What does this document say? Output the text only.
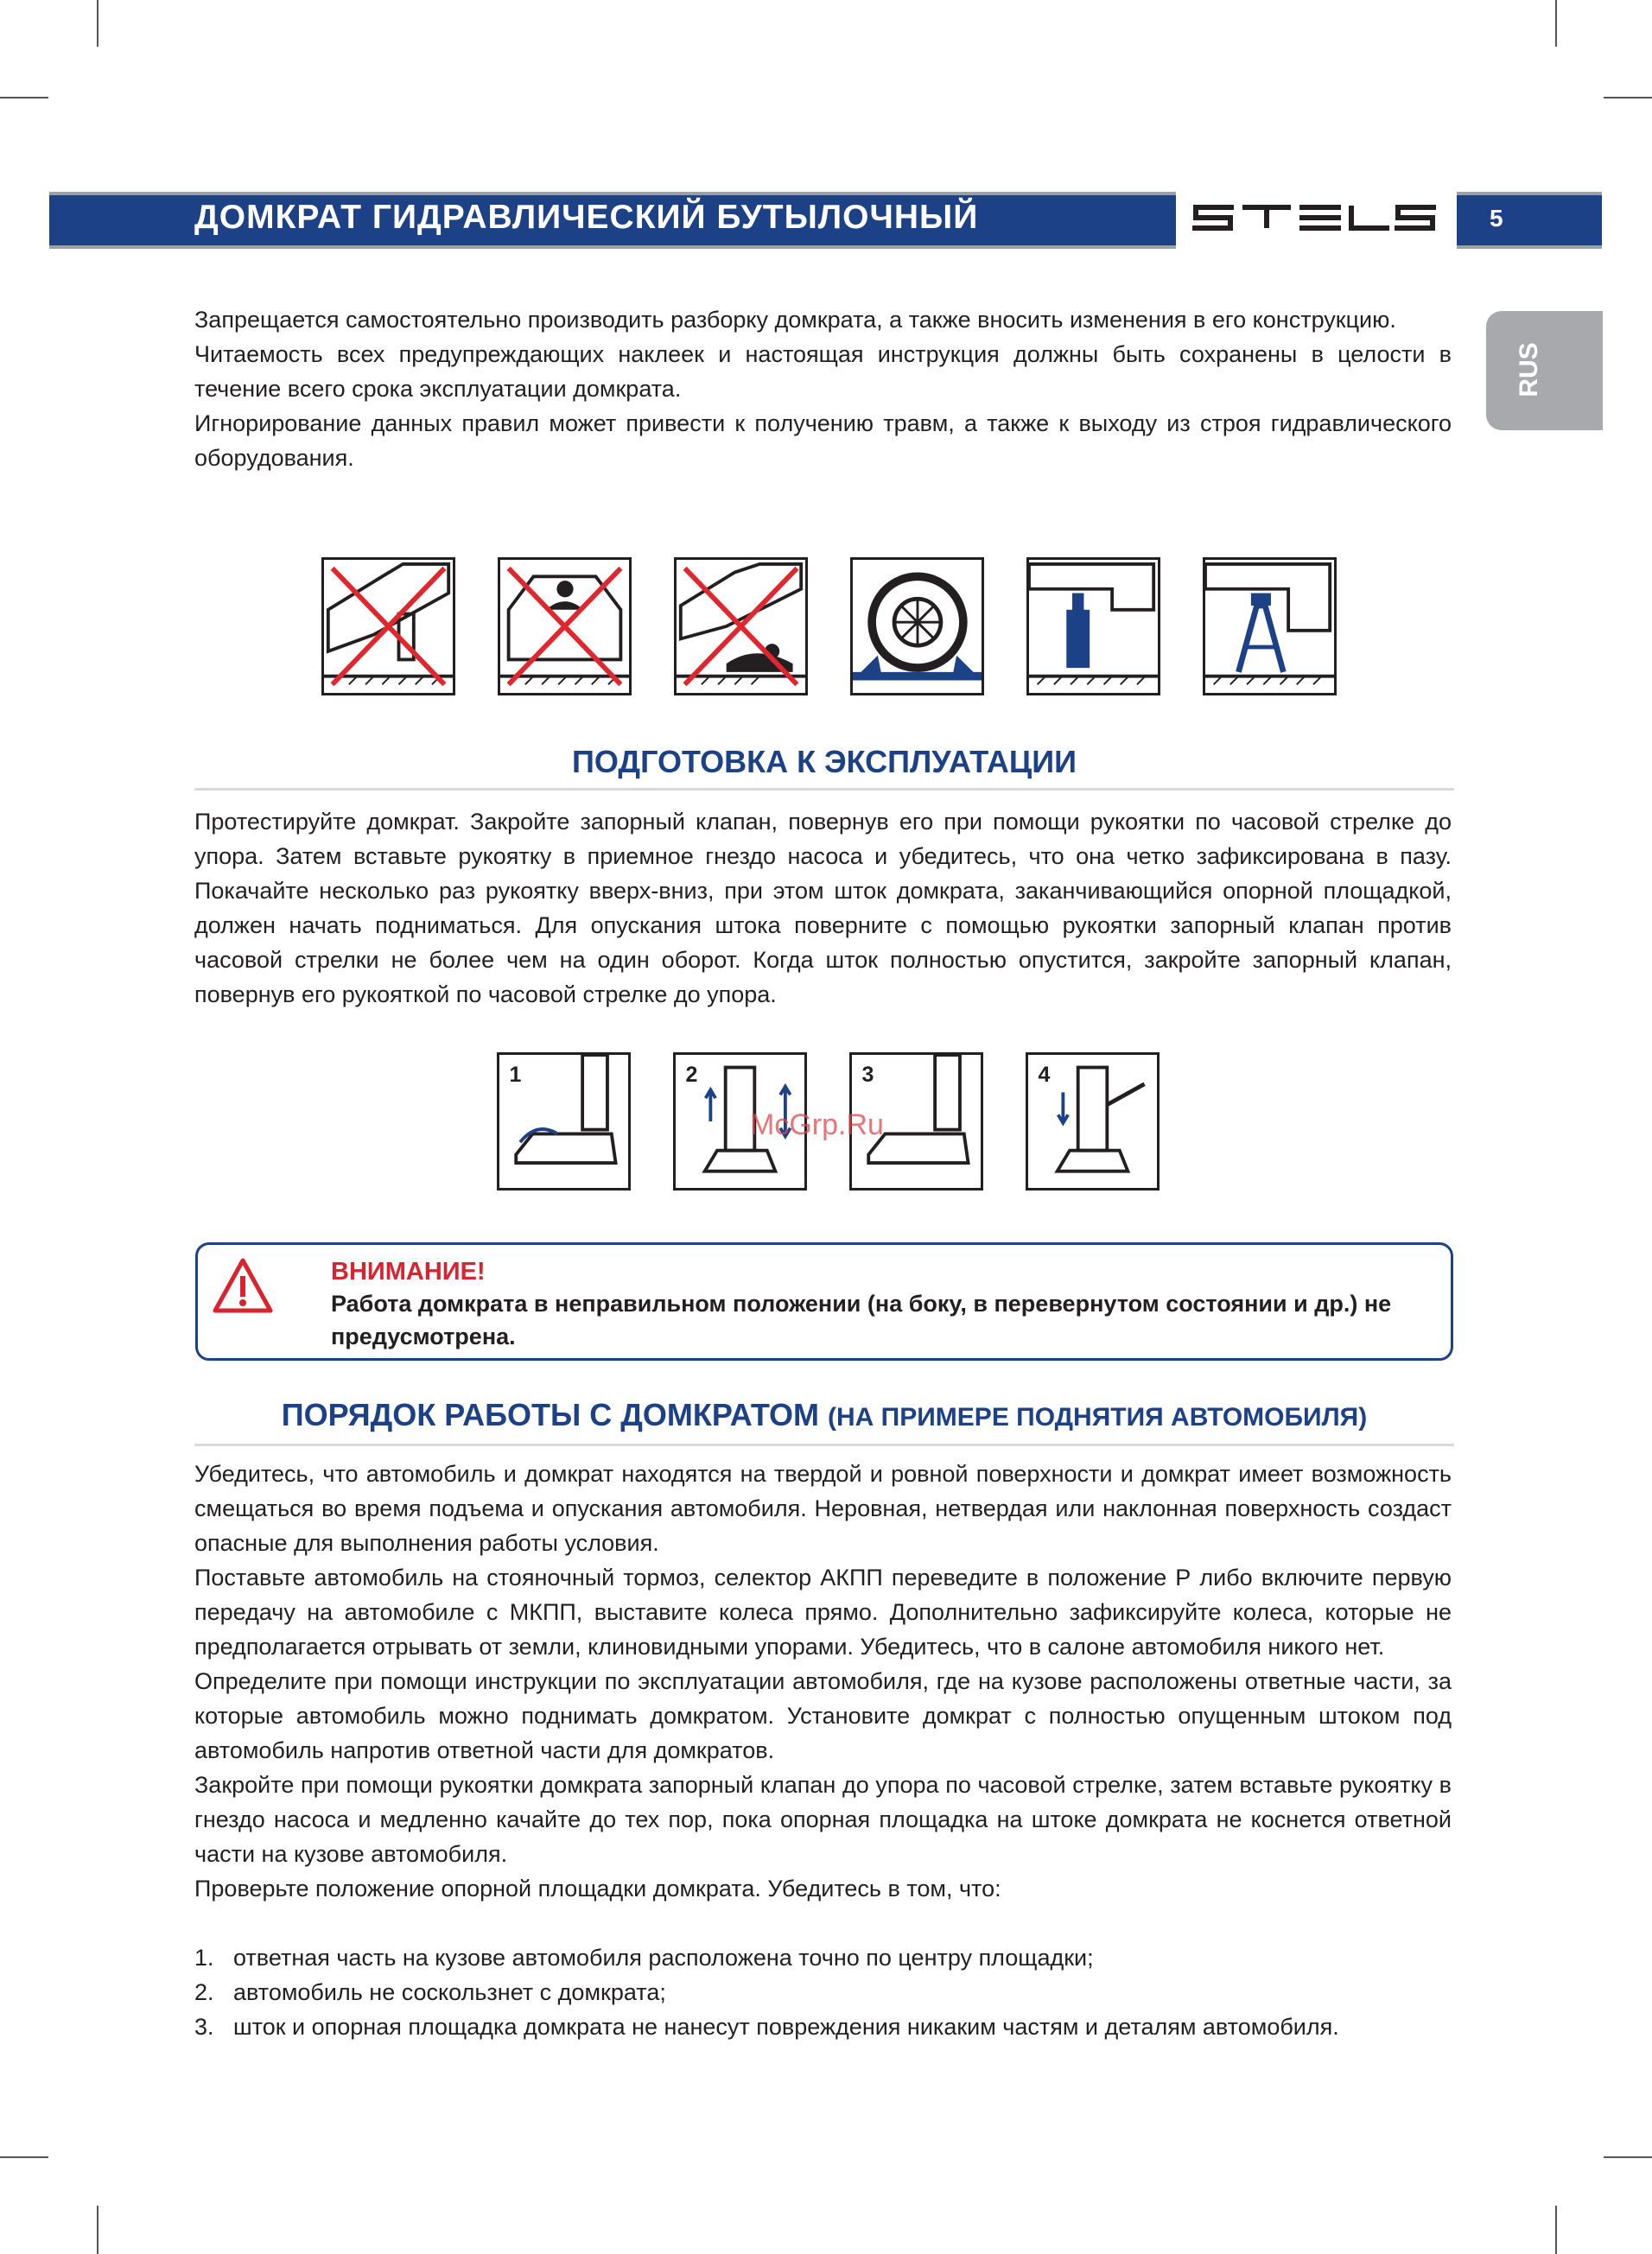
ДОМКРАТ ГИДРАВЛИЧЕСКИЙ БУТЫЛОЧНЫЙ	5
RUS

Запрещается самостоятельно производить разборку домкрата, а также вносить изменения в его конструкцию.

Читаемость всех предупреждающих наклеек и настоящая инструкция должны быть сохранены в целости в течение всего срока эксплуатации домкрата.

Игнорирование данных правил может привести к получению травм, а также к выходу из строя гидравлического оборудования.

ПОДГОТОВКА К ЭКСПЛУАТАЦИИ
Протестируйте домкрат. Закройте запорный клапан, повернув его при помощи рукоятки по часовой стрелке до упора. Затем вставьте рукоятку в приемное гнездо насоса и убедитесь, что она четко зафиксирована в пазу. Покачайте несколько раз рукоятку вверх-вниз, при этом шток домкрата, заканчивающийся опорной площадкой, должен начать подниматься. Для опускания штока поверните с помощью рукоятки запорный клапан против часовой стрелки не более чем на один оборот. Когда шток полностью опустится, закройте запорный клапан, повернув его рукояткой по часовой стрелке до упора.
1	2	3	4
McGrp.Ru
ВНИМАНИЕ!
Работа домкрата в неправильном положении (на боку, в перевернутом состоянии и др.) не предусмотрена.
ПОРЯДОК РАБОТЫ С ДОМКРАТОМ (НА ПРИМЕРЕ ПОДНЯТИЯ АВТОМОБИЛЯ)

Убедитесь, что автомобиль и домкрат находятся на твердой и ровной поверхности и домкрат имеет возможность смещаться во время подъема и опускания автомобиля. Неровная, нетвердая или наклонная поверхность создаст опасные для выполнения работы условия.

Поставьте автомобиль на стояночный тормоз, селектор АКПП переведите в положение Р либо включите первую передачу на автомобиле с МКПП, выставите колеса прямо. Дополнительно зафиксируйте колеса, которые не предполагается отрывать от земли, клиновидными упорами. Убедитесь, что в салоне автомобиля никого нет.

Определите при помощи инструкции по эксплуатации автомобиля, где на кузове расположены ответные части, за которые автомобиль можно поднимать домкратом. Установите домкрат с полностью опущенным штоком под автомобиль напротив ответной части для домкратов.

Закройте при помощи рукоятки домкрата запорный клапан до упора по часовой стрелке, затем вставьте рукоятку в гнездо насоса и медленно качайте до тех пор, пока опорная площадка на штоке домкрата не коснется ответной части на кузове автомобиля.

Проверьте положение опорной площадки домкрата. Убедитесь в том, что:

1. ответная часть на кузове автомобиля расположена точно по центру площадки;
2. автомобиль не соскользнет с домкрата;
3. шток и опорная площадка домкрата не нанесут повреждения никаким частям и деталям автомобиля.
